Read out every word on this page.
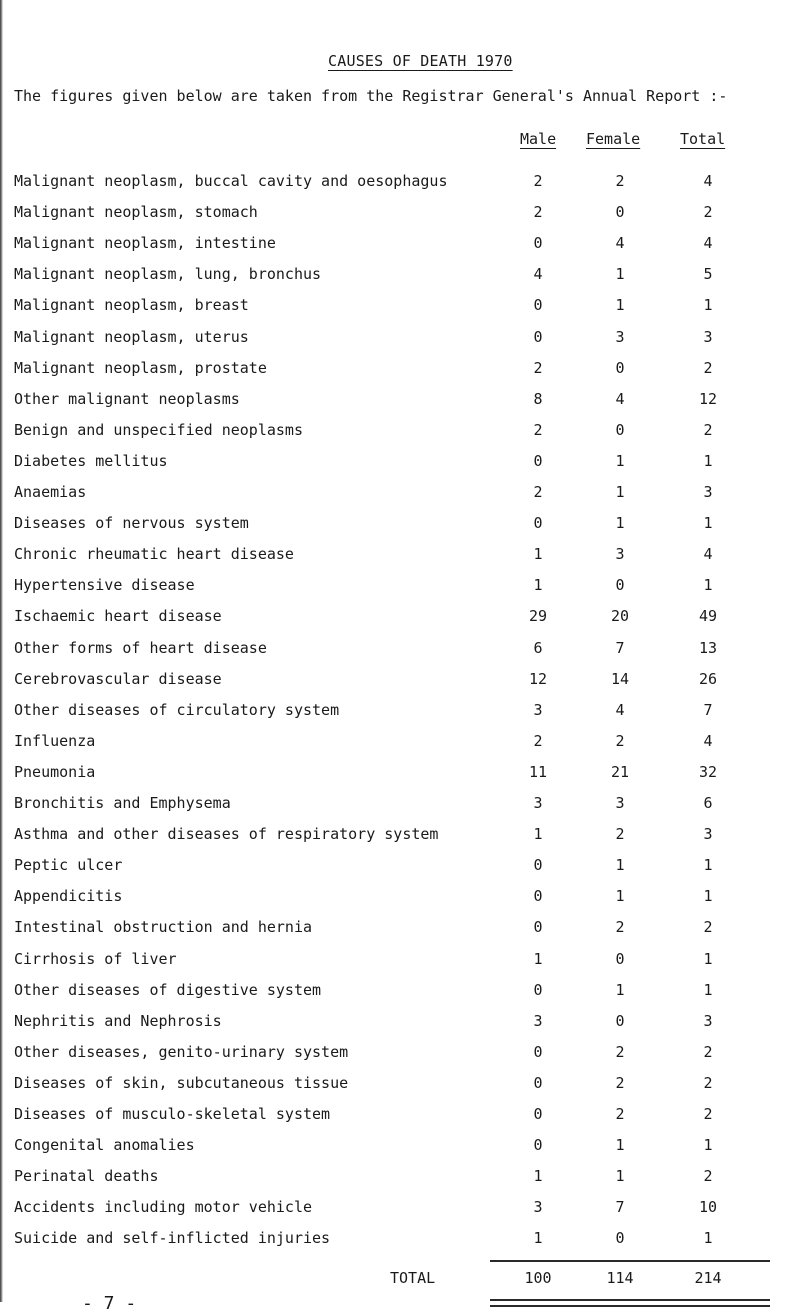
CAUSES OF DEATH 1970
The figures given below are taken from the Registrar General's Annual Report :-
Male Female	Total
Malignant neoplasm, buccal cavity and oesophagus	2	2	4
Malignant neoplasm, stomach	2	0	2
Malignant neoplasm, intestine	0	4	4
Malignant neoplasm, lung, bronchus	4	1	5
Malignant neoplasm, breast	0	1	1
Malignant neoplasm, uterus	0	3	3
Malignant neoplasm, prostate	2	0	2
Other malignant neoplasms	8	4	12
Benign and unspecified neoplasms	2	0	2
Diabetes mellitus	0	1	1
Anaemias	2	1	3
Diseases of nervous system	0	1	1
Chronic rheumatic heart disease	1	3	4
Hypertensive disease	1	0	1
Ischaemic heart disease	29	20	49
Other forms of heart disease	6	7	13
Cerebrovascular disease	12	14	26
Other diseases of circulatory system	3	4	7
Influenza	2	2	4
Pneumonia	11	21	32
Bronchitis and Emphysema	3	3	6
Asthma and other diseases of respiratory system	1	2	3
Peptic ulcer	0	1	1
Appendicitis	0	1	1
Intestinal obstruction and hernia	0	2	2
Cirrhosis of liver	1	0	1
Other diseases of digestive system	0	1	1
Nephritis and Nephrosis	3	0	3
Other diseases, genito-urinary system	0	2	2
Diseases of skin, subcutaneous tissue	0	2	2
Diseases of musculo-skeletal system	0	2	2
Congenital anomalies	0	1	1
Perinatal deaths	1	1	2
Accidents including motor vehicle	3	7	10
Suicide and self-inflicted injuries	1	0	1
TOTAL	100	114	214
- 7 -
